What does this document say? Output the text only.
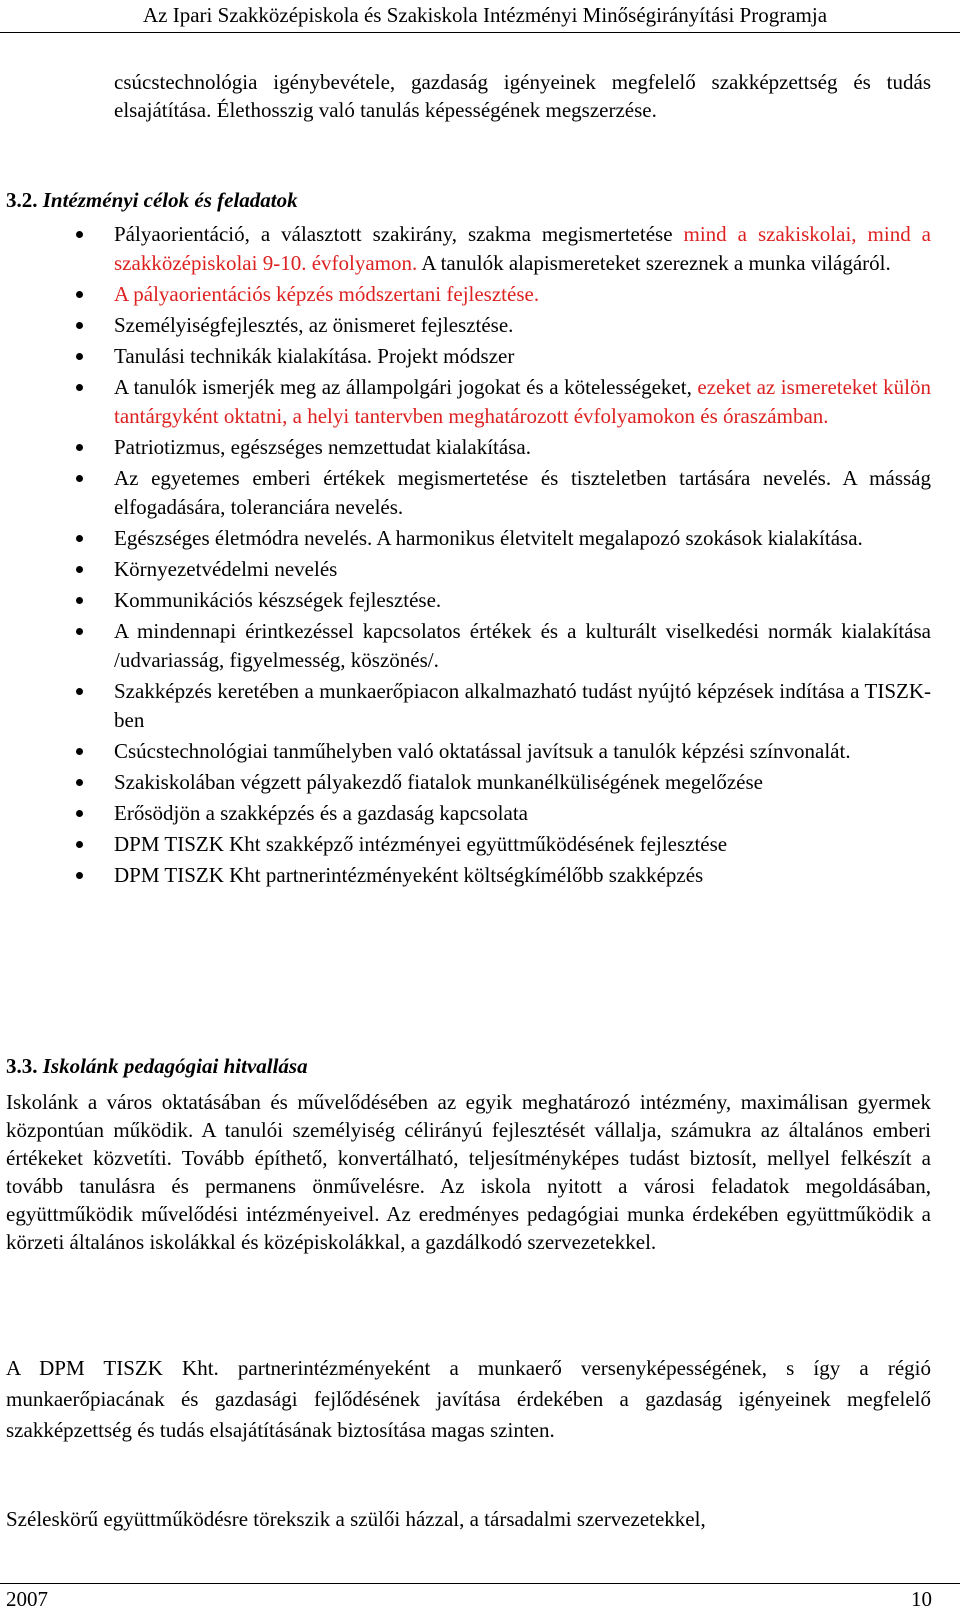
Az Ipari Szakközépiskola és Szakiskola Intézményi Minőségirányítási Programja
csúcstechnológia igénybevétele, gazdaság igényeinek megfelelő szakképzettség és tudás elsajátítása. Élethosszig való tanulás képességének megszerzése.
3.2. Intézményi célok és feladatok
Pályaorientáció, a választott szakirány, szakma megismertetése mind a szakiskolai, mind a szakközépiskolai 9-10. évfolyamon. A tanulók alapismereteket szereznek a munka világáról.
A pályaorientációs képzés módszertani fejlesztése.
Személyiségfejlesztés, az önismeret fejlesztése.
Tanulási technikák kialakítása. Projekt módszer
A tanulók ismerjék meg az állampolgári jogokat és a kötelességeket, ezeket az ismereteket külön tantárgyként oktatni, a helyi tantervben meghatározott évfolyamokon és óraszámban.
Patriotizmus, egészséges nemzettudat kialakítása.
Az egyetemes emberi értékek megismertetése és tiszteletben tartására nevelés. A másság elfogadására, toleranciára nevelés.
Egészséges életmódra nevelés. A harmonikus életvitelt megalapozó szokások kialakítása.
Környezetvédelmi nevelés
Kommunikációs készségek fejlesztése.
A mindennapi érintkezéssel kapcsolatos értékek és a kulturált viselkedési normák kialakítása /udvariasság, figyelmesség, köszönés/.
Szakképzés keretében a munkaerőpiacon alkalmazható tudást nyújtó képzések indítása a TISZK-ben
Csúcstechnológiai tanműhelyben való oktatással javítsuk a tanulók képzési színvonalát.
Szakiskolában végzett pályakezdő fiatalok munkanélküliségének megelőzése
Erősödjön a szakképzés és a gazdaság kapcsolata
DPM TISZK Kht szakképző intézményei együttműködésének fejlesztése
DPM TISZK Kht partnerintézményeként költségkímélőbb szakképzés
3.3. Iskolánk pedagógiai hitvallása
Iskolánk a város oktatásában és művelődésében az egyik meghatározó intézmény, maximálisan gyermek központúan működik. A tanulói személyiség célirányú fejlesztését vállalja, számukra az általános emberi értékeket közvetíti. Tovább építhető, konvertálható, teljesítményképes tudást biztosít, mellyel felkészít a tovább tanulásra és permanens önművelésre. Az iskola nyitott a városi feladatok megoldásában, együttműködik művelődési intézményeivel. Az eredményes pedagógiai munka érdekében együttműködik a körzeti általános iskolákkal és középiskolákkal, a gazdálkodó szervezetekkel.
A DPM TISZK Kht. partnerintézményeként a munkaerő versenyképességének, s így a régió munkaerőpiacának és gazdasági fejlődésének javítása érdekében a gazdaság igényeinek megfelelő szakképzettség és tudás elsajátításának biztosítása magas szinten.
Széleskörű együttműködésre törekszik a szülői házzal, a társadalmi szervezetekkel,
2007	10
